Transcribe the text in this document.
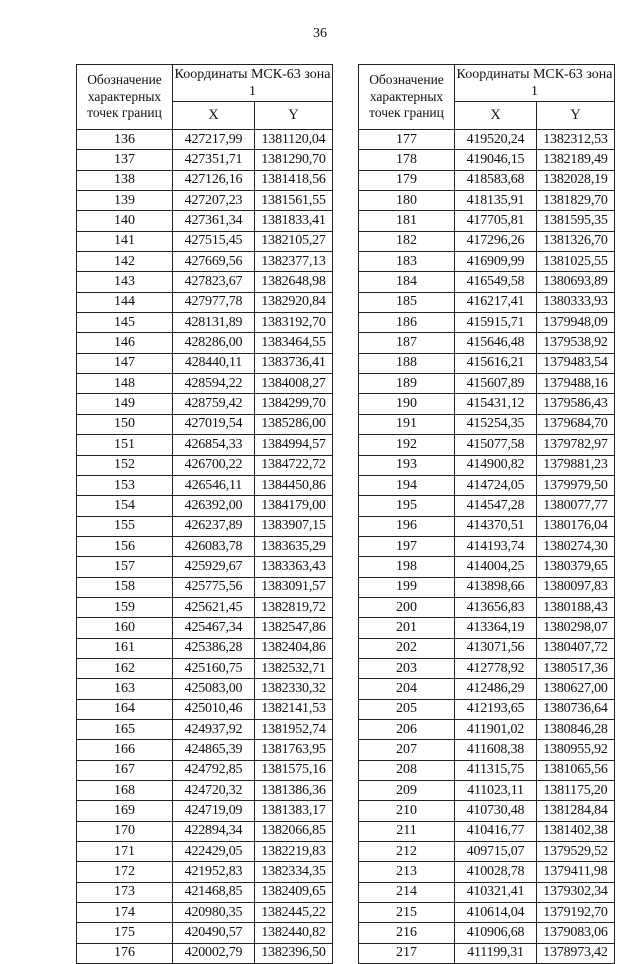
36
Обозначение характерных точек границ	Координаты МСК-63 зона 1	
	X	Y
136	427217,99	1381120,04
137	427351,71	1381290,70
138	427126,16	1381418,56
139	427207,23	1381561,55
140	427361,34	1381833,41
141	427515,45	1382105,27
142	427669,56	1382377,13
143	427823,67	1382648,98
144	427977,78	1382920,84
145	428131,89	1383192,70
146	428286,00	1383464,55
147	428440,11	1383736,41
148	428594,22	1384008,27
149	428759,42	1384299,70
150	427019,54	1385286,00
151	426854,33	1384994,57
152	426700,22	1384722,72
153	426546,11	1384450,86
154	426392,00	1384179,00
155	426237,89	1383907,15
156	426083,78	1383635,29
157	425929,67	1383363,43
158	425775,56	1383091,57
159	425621,45	1382819,72
160	425467,34	1382547,86
161	425386,28	1382404,86
162	425160,75	1382532,71
163	425083,00	1382330,32
164	425010,46	1382141,53
165	424937,92	1381952,74
166	424865,39	1381763,95
167	424792,85	1381575,16
168	424720,32	1381386,36
169	424719,09	1381383,17
170	422894,34	1382066,85
171	422429,05	1382219,83
172	421952,83	1382334,35
173	421468,85	1382409,65
174	420980,35	1382445,22
175	420490,57	1382440,82
176	420002,79	1382396,50
Обозначение характерных точек границ	Координаты МСК-63 зона 1	
	X	Y
177	419520,24	1382312,53
178	419046,15	1382189,49
179	418583,68	1382028,19
180	418135,91	1381829,70
181	417705,81	1381595,35
182	417296,26	1381326,70
183	416909,99	1381025,55
184	416549,58	1380693,89
185	416217,41	1380333,93
186	415915,71	1379948,09
187	415646,48	1379538,92
188	415616,21	1379483,54
189	415607,89	1379488,16
190	415431,12	1379586,43
191	415254,35	1379684,70
192	415077,58	1379782,97
193	414900,82	1379881,23
194	414724,05	1379979,50
195	414547,28	1380077,77
196	414370,51	1380176,04
197	414193,74	1380274,30
198	414004,25	1380379,65
199	413898,66	1380097,83
200	413656,83	1380188,43
201	413364,19	1380298,07
202	413071,56	1380407,72
203	412778,92	1380517,36
204	412486,29	1380627,00
205	412193,65	1380736,64
206	411901,02	1380846,28
207	411608,38	1380955,92
208	411315,75	1381065,56
209	411023,11	1381175,20
210	410730,48	1381284,84
211	410416,77	1381402,38
212	409715,07	1379529,52
213	410028,78	1379411,98
214	410321,41	1379302,34
215	410614,04	1379192,70
216	410906,68	1379083,06
217	411199,31	1378973,42
